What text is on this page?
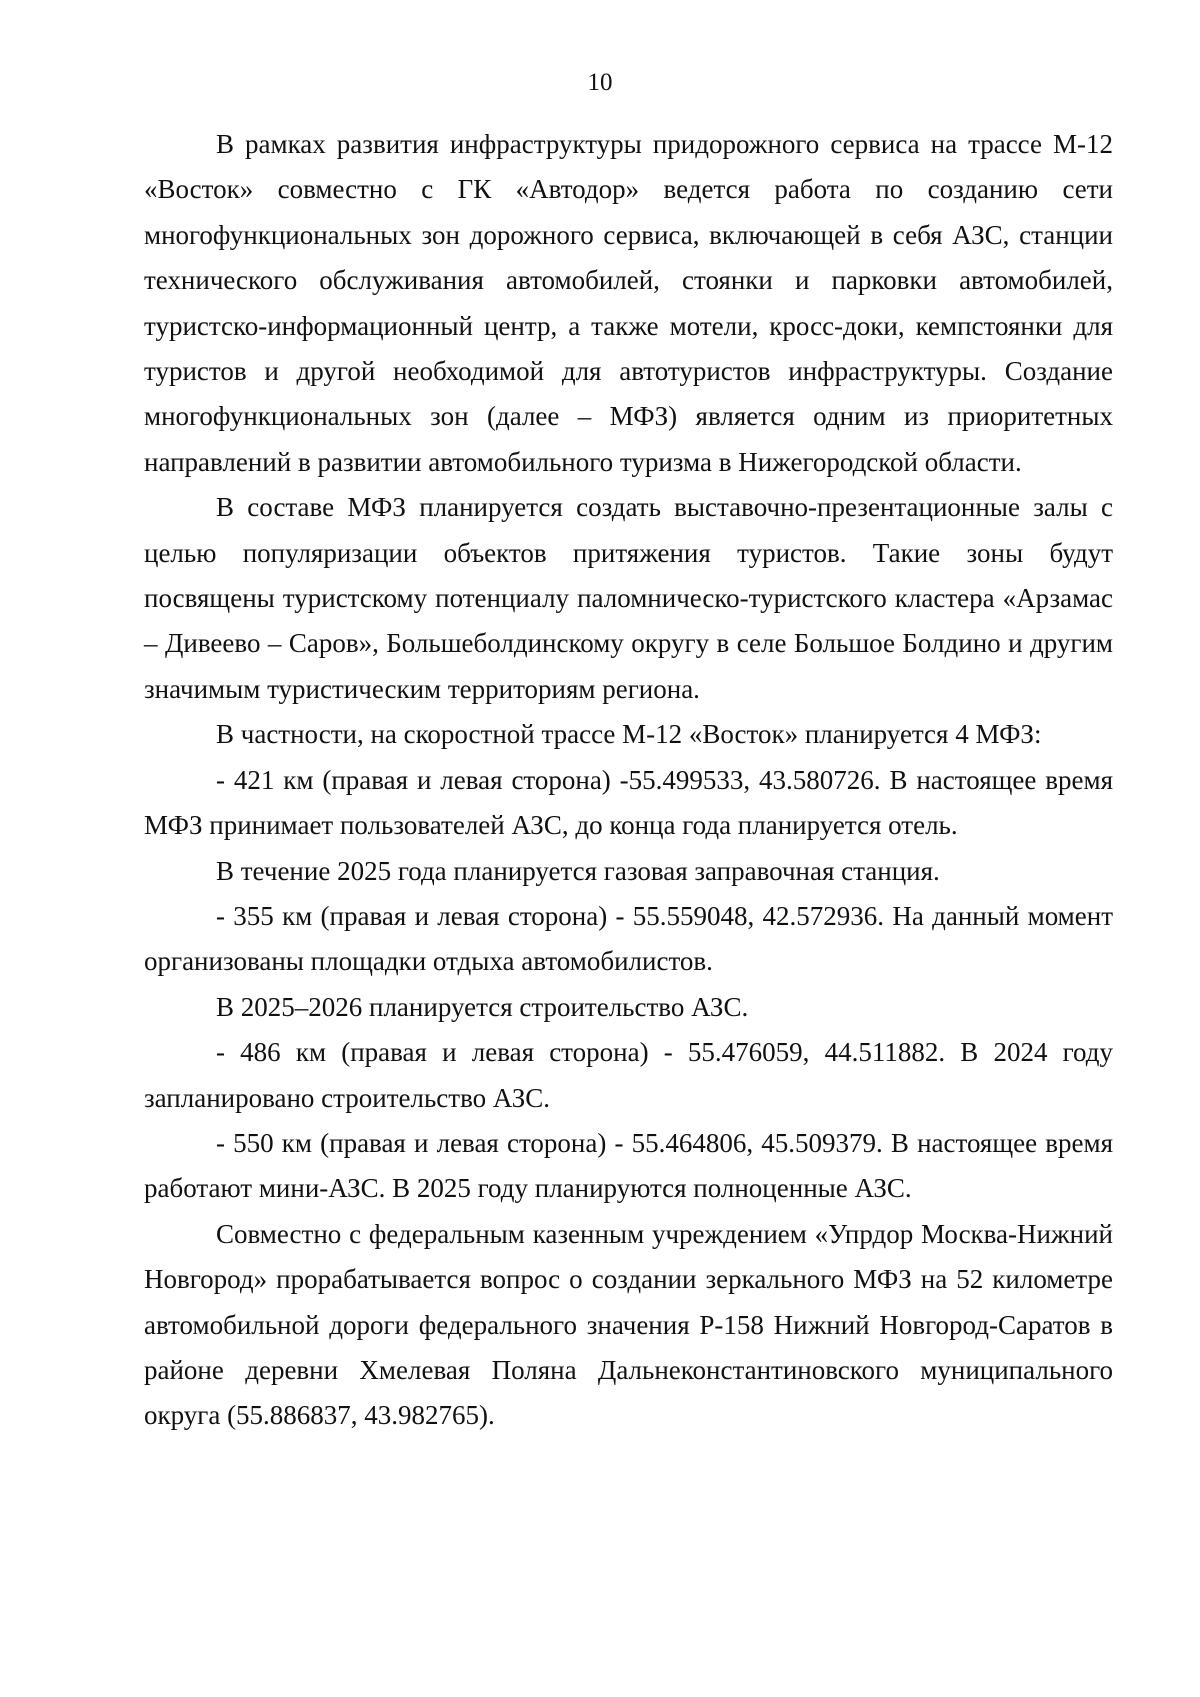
10

В рамках развития инфраструктуры придорожного сервиса на трассе М-12 «Восток» совместно с ГК «Автодор» ведется работа по созданию сети многофункциональных зон дорожного сервиса, включающей в себя АЗС, станции технического обслуживания автомобилей, стоянки и парковки автомобилей, туристско-информационный центр, а также мотели, кросс-доки, кемпстоянки для туристов и другой необходимой для автотуристов инфраструктуры. Создание многофункциональных зон (далее – МФЗ) является одним из приоритетных направлений в развитии автомобильного туризма в Нижегородской области.

В составе МФЗ планируется создать выставочно-презентационные залы с целью популяризации объектов притяжения туристов. Такие зоны будут посвящены туристскому потенциалу паломническо-туристского кластера «Арзамас – Дивеево – Саров», Большеболдинскому округу в селе Большое Болдино и другим значимым туристическим территориям региона.

В частности, на скоростной трассе М-12 «Восток» планируется 4 МФЗ:

- 421 км (правая и левая сторона) -55.499533, 43.580726. В настоящее время МФЗ принимает пользователей АЗС, до конца года планируется отель.

В течение 2025 года планируется газовая заправочная станция.

- 355 км (правая и левая сторона) - 55.559048, 42.572936. На данный момент организованы площадки отдыха автомобилистов.

В 2025–2026 планируется строительство АЗС.

- 486 км (правая и левая сторона) - 55.476059, 44.511882. В 2024 году запланировано строительство АЗС.

- 550 км (правая и левая сторона) - 55.464806, 45.509379. В настоящее время работают мини-АЗС. В 2025 году планируются полноценные АЗС.

Совместно с федеральным казенным учреждением «Упрдор Москва-Нижний Новгород» прорабатывается вопрос о создании зеркального МФЗ на 52 километре автомобильной дороги федерального значения Р-158 Нижний Новгород-Саратов в районе деревни Хмелевая Поляна Дальнеконстантиновского муниципального округа (55.886837, 43.982765).
